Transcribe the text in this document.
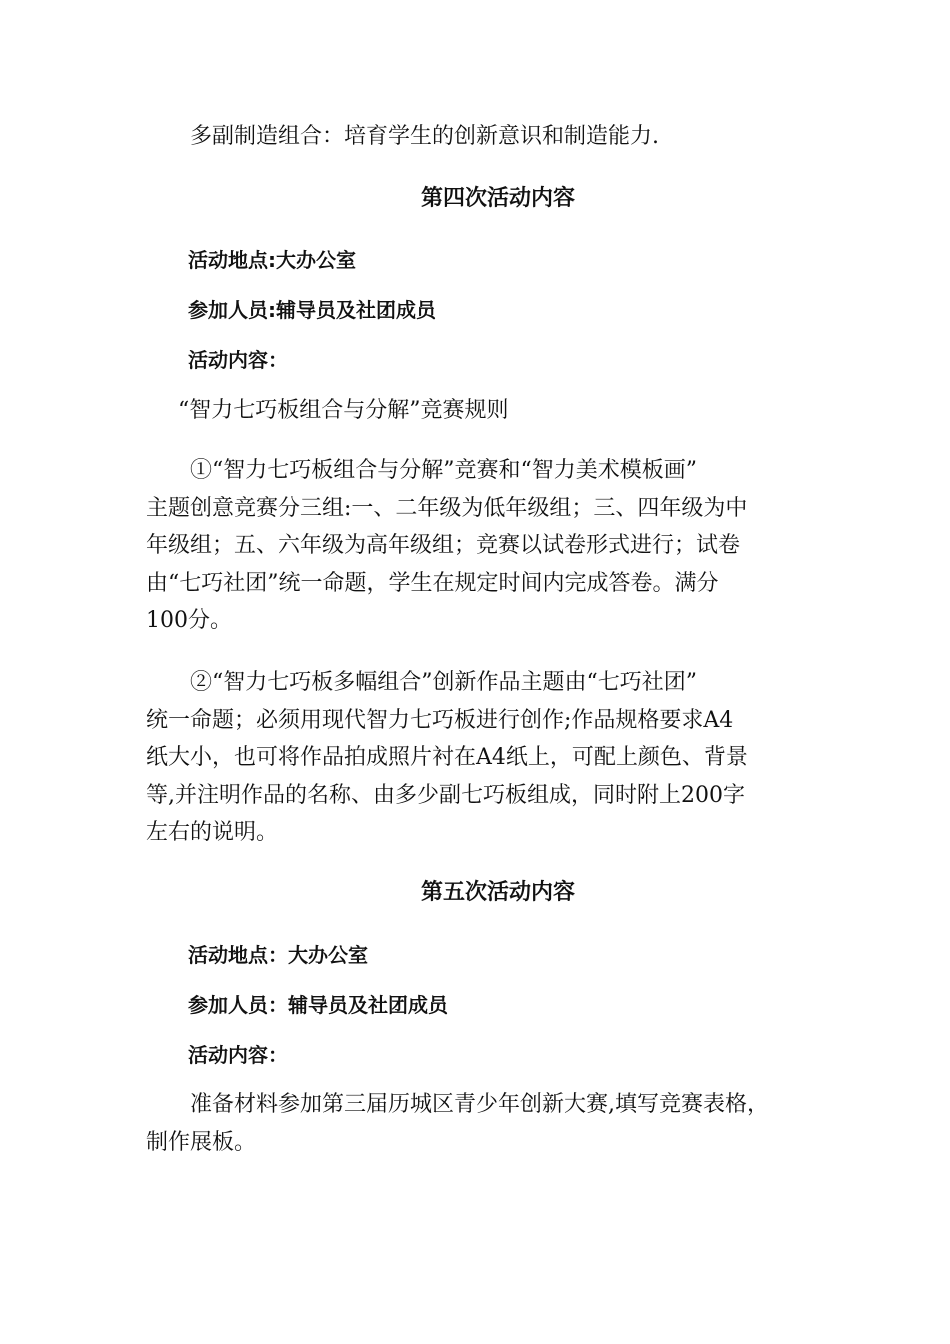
多副制造组合：培育学生的创新意识和制造能力.

第四次活动内容

活动地点:大办公室

参加人员:辅导员及社团成员

活动内容：

“智力七巧板组合与分解”竞赛规则

①“智力七巧板组合与分解”竞赛和“智力美术模板画”
主题创意竞赛分三组:一、二年级为低年级组；三、四年级为中
年级组；五、六年级为高年级组；竞赛以试卷形式进行；试卷
由“七巧社团”统一命题，学生在规定时间内完成答卷。满分
100分。
②“智力七巧板多幅组合”创新作品主题由“七巧社团”
统一命题；必须用现代智力七巧板进行创作;作品规格要求A4
纸大小，也可将作品拍成照片衬在A4纸上，可配上颜色、背景
等,并注明作品的名称、由多少副七巧板组成，同时附上200字
左右的说明。
第五次活动内容

活动地点：大办公室

参加人员：辅导员及社团成员

活动内容：

准备材料参加第三届历城区青少年创新大赛,填写竞赛表格，
制作展板。
